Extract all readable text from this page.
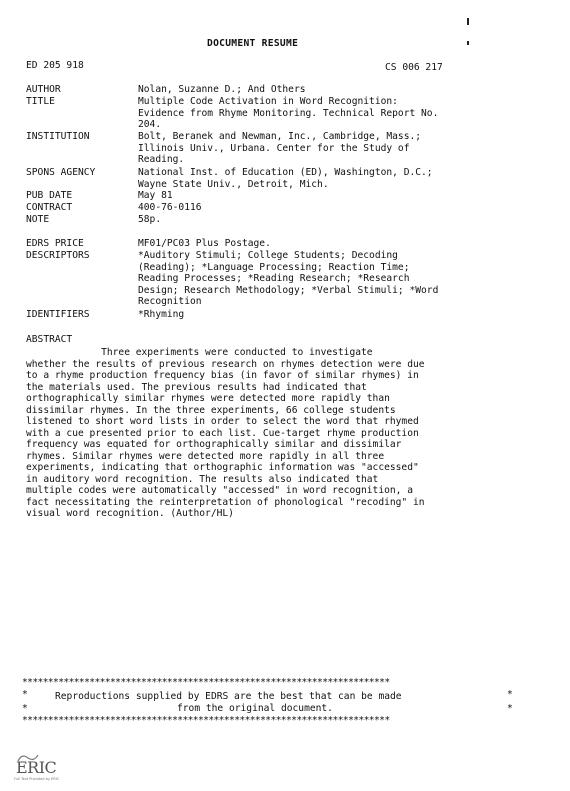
DOCUMENT RESUME
ED 205 918	CS 006 217
AUTHOR	Nolan, Suzanne D.; And Others
TITLE	Multiple Code Activation in Word Recognition:
Evidence from Rhyme Monitoring. Technical Report No.
204.
INSTITUTION	Bolt, Beranek and Newman, Inc., Cambridge, Mass.;
Illinois Univ., Urbana. Center for the Study of
Reading.
SPONS AGENCY	National Inst. of Education (ED), Washington, D.C.;
Wayne State Univ., Detroit, Mich.
PUB DATE	May 81
CONTRACT	400-76-0116
NOTE	58p.
EDRS PRICE	MF01/PC03 Plus Postage.
DESCRIPTORS	*Auditory Stimuli; College Students; Decoding
(Reading); *Language Processing; Reaction Time;
Reading Processes; *Reading Research; *Research
Design; Research Methodology; *Verbal Stimuli; *Word
Recognition
IDENTIFIERS	*Rhyming
ABSTRACT
Three experiments were conducted to investigate
whether the results of previous research on rhymes detection were due
to a rhyme production frequency bias (in favor of similar rhymes) in
the materials used. The previous results had indicated that
orthographically similar rhymes were detected more rapidly than
dissimilar rhymes. In the three experiments, 66 college students
listened to short word lists in order to select the word that rhymed
with a cue presented prior to each list. Cue-target rhyme production
frequency was equated for orthographically similar and dissimilar
rhymes. Similar rhymes were detected more rapidly in all three
experiments, indicating that orthographic information was "accessed"
in auditory word recognition. The results also indicated that
multiple codes were automatically "accessed" in word recognition, a
fact necessitating the reinterpretation of phonological "recoding" in
visual word recognition. (Author/HL)
***********************************************************************
*	*
Reproductions supplied by EDRS are the best that can be made
*	*
from the original document.
***********************************************************************
ERIC
Full Text Provided by ERIC
